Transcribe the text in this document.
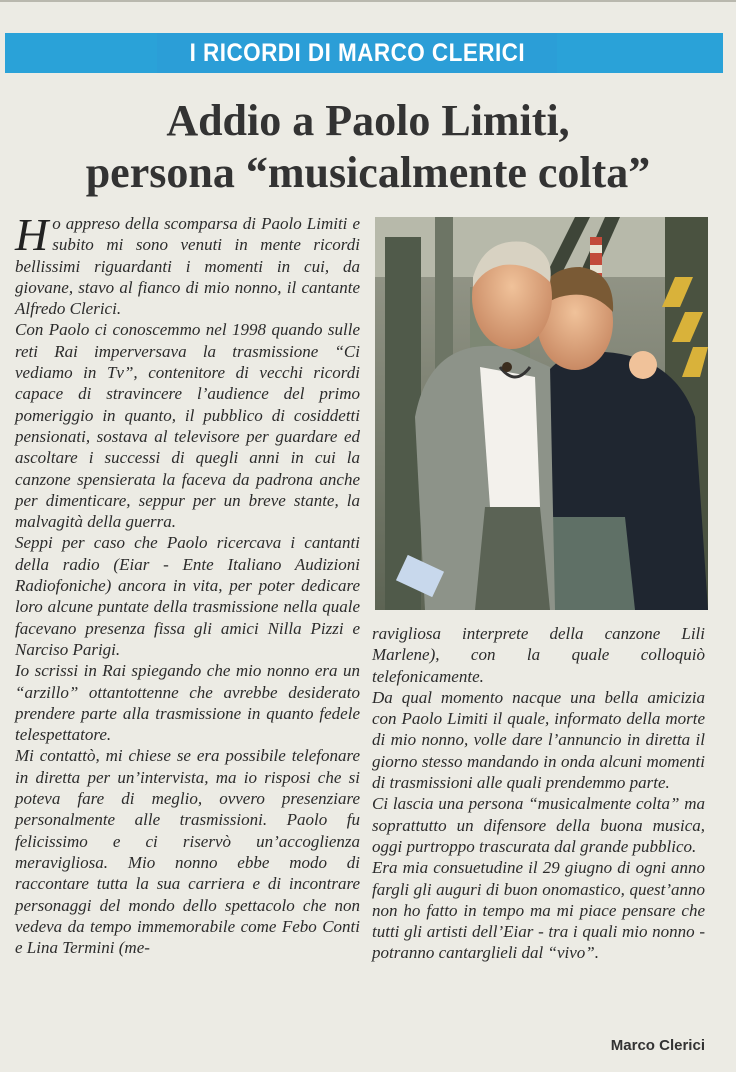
I RICORDI DI MARCO CLERICI
Addio a Paolo Limiti,
persona “musicalmente colta”

Ho appreso della scomparsa di Paolo Limiti e subito mi sono venuti in mente ricordi bellissimi riguardanti i momenti in cui, da giovane, stavo al fianco di mio nonno, il cantante Alfredo Clerici.

Con Paolo ci conoscemmo nel 1998 quando sulle reti Rai imperversava la trasmissione “Ci vediamo in Tv”, contenitore di vecchi ricordi capace di stravincere l’audience del primo pomeriggio in quanto, il pubblico di cosiddetti pensionati, sostava al televisore per guardare ed ascoltare i successi di quegli anni in cui la canzone spensierata la faceva da padrona anche per dimenticare, seppur per un breve stante, la malvagità della guerra.

Seppi per caso che Paolo ricercava i cantanti della radio (Eiar - Ente Italiano Audizioni Radiofoniche) ancora in vita, per poter dedicare loro alcune puntate della trasmissione nella quale facevano presenza fissa gli amici Nilla Pizzi e Narciso Parigi.

Io scrissi in Rai spiegando che mio nonno era un “arzillo” ottantottenne che avrebbe desiderato prendere parte alla trasmissione in quanto fedele telespettatore.

Mi contattò, mi chiese se era possibile telefonare in diretta per un’intervista, ma io risposi che si poteva fare di meglio, ovvero presenziare personalmente alle trasmissioni. Paolo fu felicissimo e ci riservò un’accoglienza meravigliosa. Mio nonno ebbe modo di raccontare tutta la sua carriera e di incontrare personaggi del mondo dello spettacolo che non vedeva da tempo immemorabile come Febo Conti e Lina Termini (me-

ravigliosa interprete della canzone Lili Marlene), con la quale colloquiò telefonicamente.

Da qual momento nacque una bella amicizia con Paolo Limiti il quale, informato della morte di mio nonno, volle dare l’annuncio in diretta il giorno stesso mandando in onda alcuni momenti di trasmissioni alle quali prendemmo parte.

Ci lascia una persona “musicalmente colta” ma soprattutto un difensore della buona musica, oggi purtroppo trascurata dal grande pubblico.

Era mia consuetudine il 29 giugno di ogni anno fargli gli auguri di buon onomastico, quest’anno non ho fatto in tempo ma mi piace pensare che tutti gli artisti dell’Eiar - tra i quali mio nonno - potranno cantarglieli dal “vivo”.

Marco Clerici
